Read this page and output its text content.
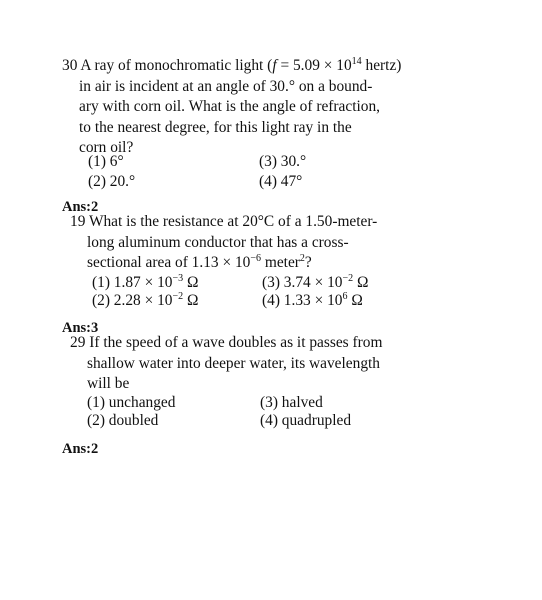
30 A ray of monochromatic light ($f = 5.09 \times 10^{14}$ hertz)
in air is incident at an angle of 30.° on a bound-
ary with corn oil. What is the angle of refraction,
to the nearest degree, for this light ray in the
corn oil?
(1) 6°	(3) 30.°
(2) 20.°	(4) 47°
Ans:2
19 What is the resistance at 20°C of a 1.50-meter-
long aluminum conductor that has a cross-
sectional area of $1.13 \times 10^{-6}$ meter$^2$?
(1) $1.87 \times 10^{-3}$ Ω	(3) $3.74 \times 10^{-2}$ Ω
(2) $2.28 \times 10^{-2}$ Ω	(4) $1.33 \times 10^6$ Ω
Ans:3
29 If the speed of a wave doubles as it passes from
shallow water into deeper water, its wavelength
will be
(1) unchanged	(3) halved
(2) doubled	(4) quadrupled
Ans:2
